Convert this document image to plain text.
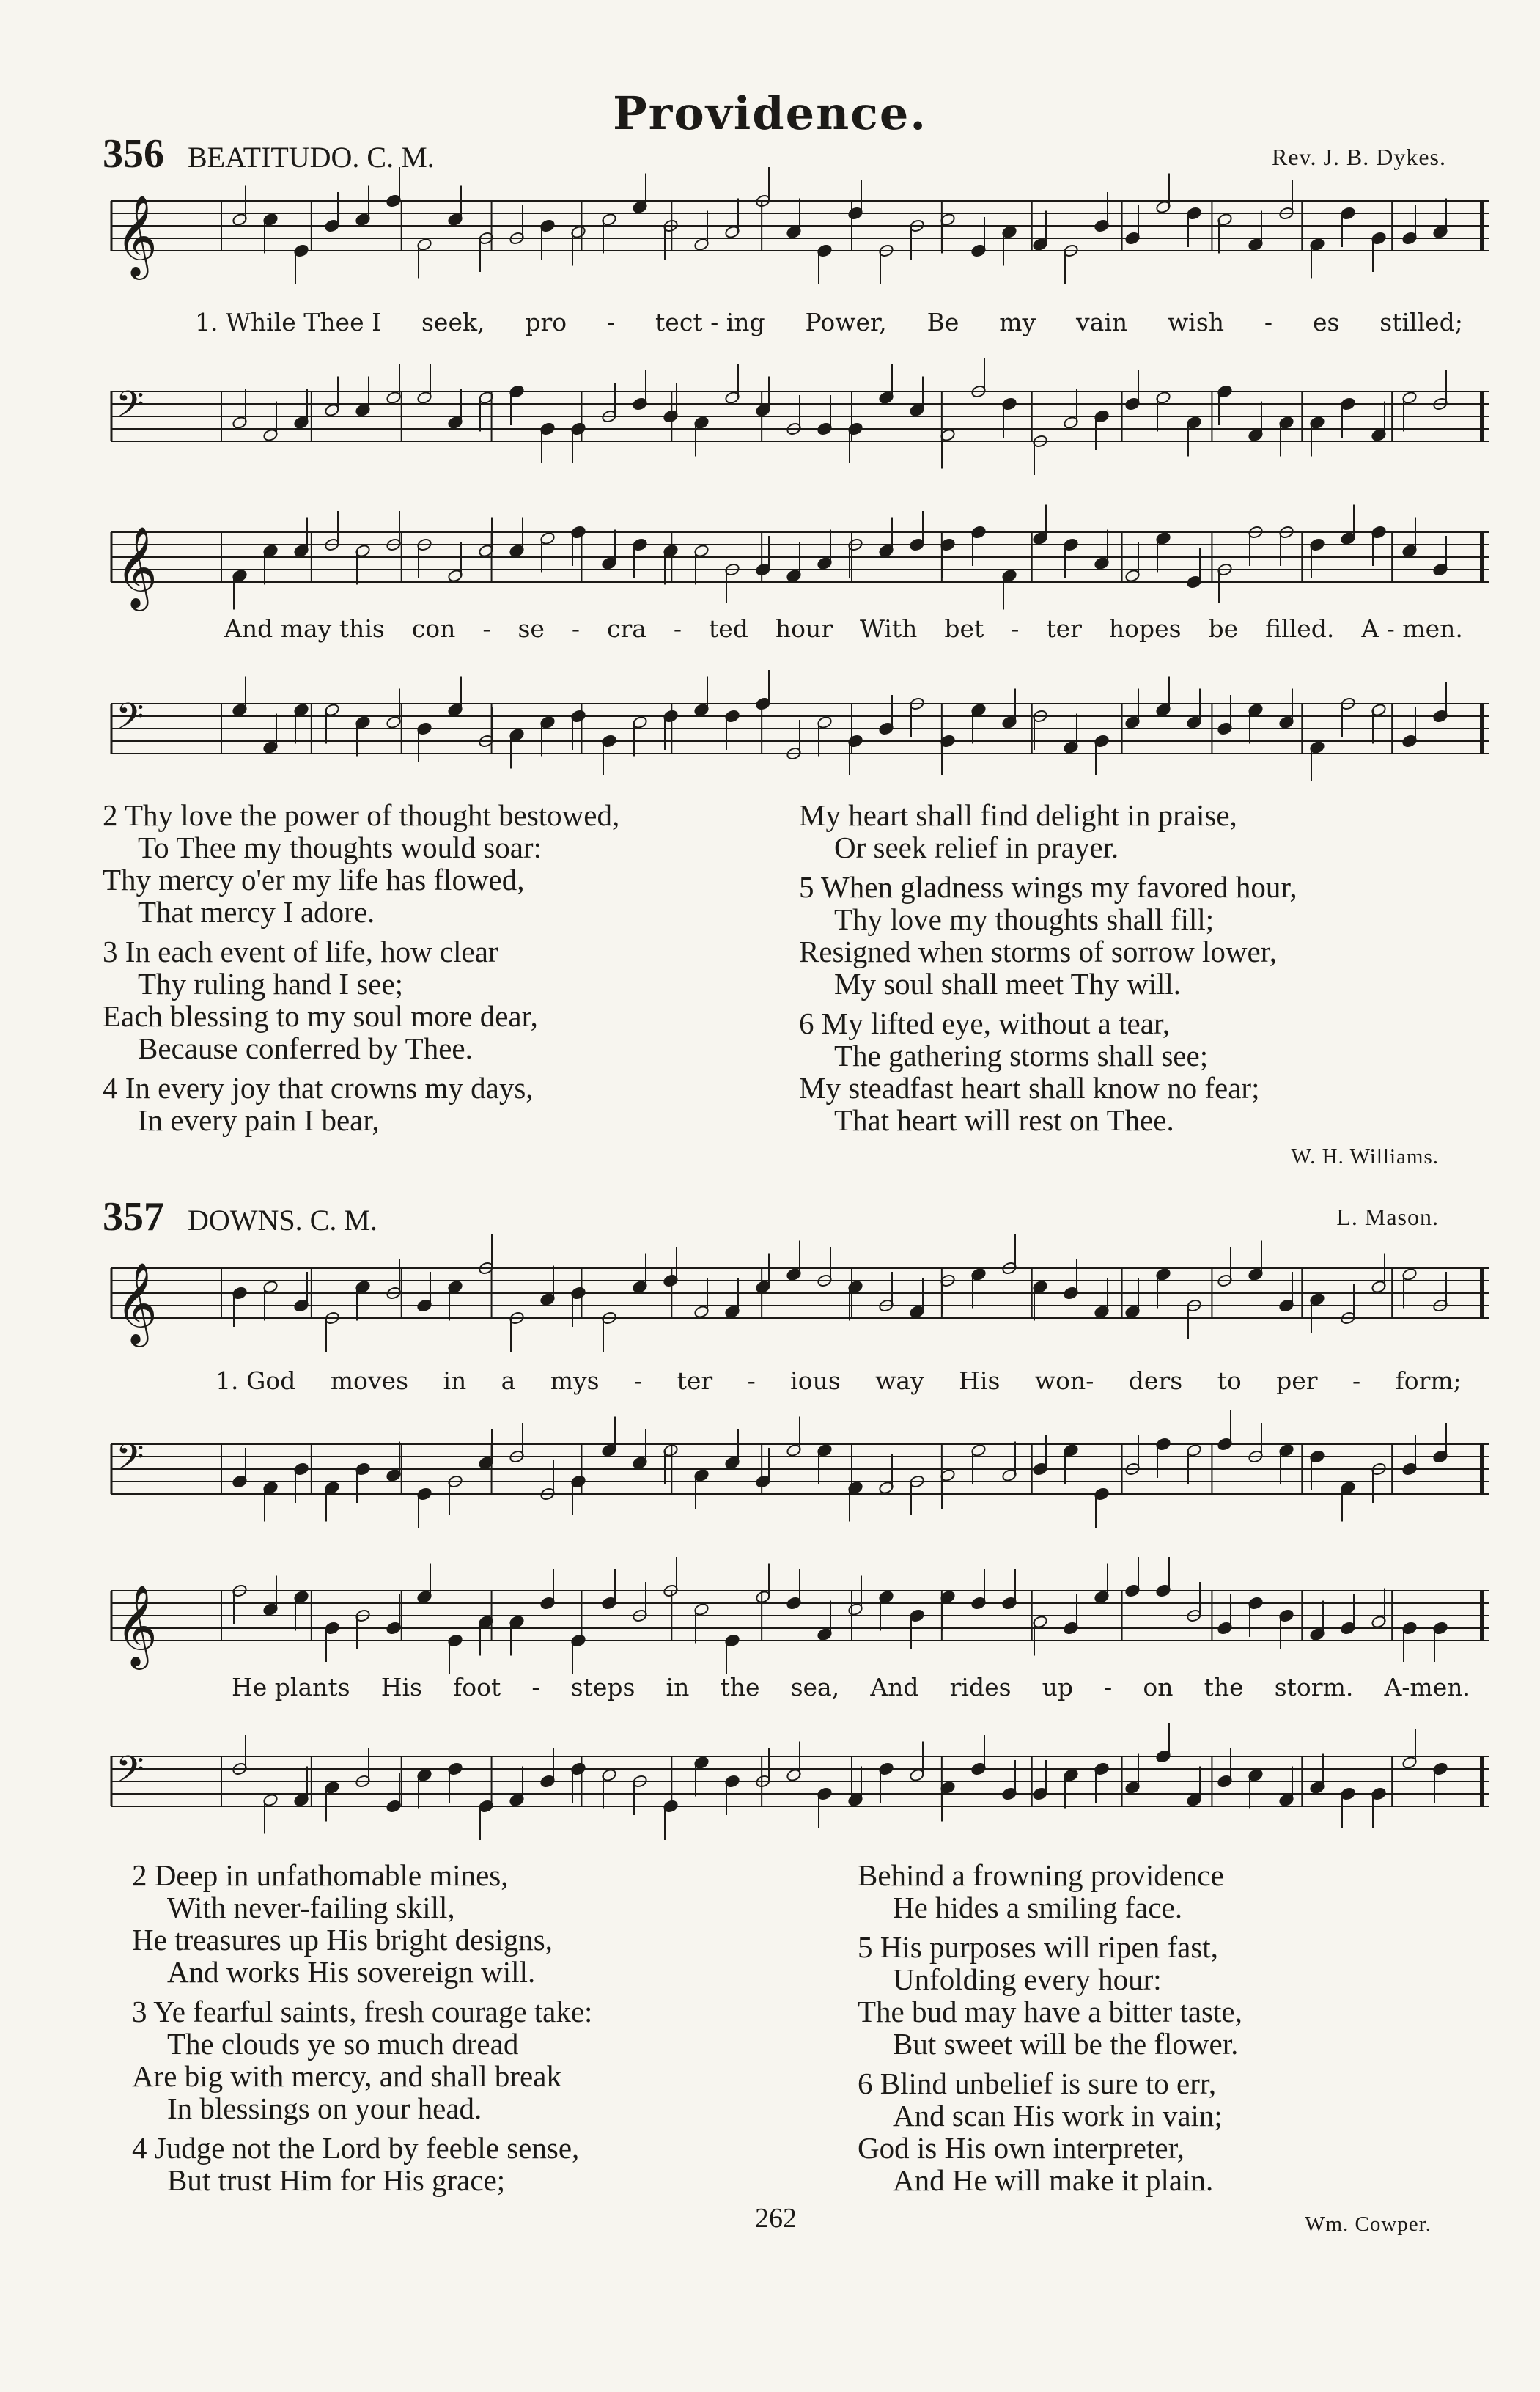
Providence.
356 BEATITUDO. C. M.	Rev. J. B. Dykes.
𝄞
1. While Thee I seek, pro - tect - ing Power, Be my vain wish - es stilled;
𝄢
𝄞
And may this con - se - cra - ted hour With bet - ter hopes be filled. A - men.
𝄢
2 Thy love the power of thought bestowed,
To Thee my thoughts would soar:
Thy mercy o'er my life has flowed,
That mercy I adore.
3 In each event of life, how clear
Thy ruling hand I see;
Each blessing to my soul more dear,
Because conferred by Thee.
4 In every joy that crowns my days,
In every pain I bear,
My heart shall find delight in praise,
Or seek relief in prayer.
5 When gladness wings my favored hour,
Thy love my thoughts shall fill;
Resigned when storms of sorrow lower,
My soul shall meet Thy will.
6 My lifted eye, without a tear,
The gathering storms shall see;
My steadfast heart shall know no fear;
That heart will rest on Thee.
W. H. Williams.
357 DOWNS. C. M.	L. Mason.
𝄞
1. God moves in a mys - ter - ious way His won- ders to per - form;
𝄢
𝄞
He plants His foot - steps in the sea, And rides up - on the storm. A-men.
𝄢
2 Deep in unfathomable mines,
With never-failing skill,
He treasures up His bright designs,
And works His sovereign will.
3 Ye fearful saints, fresh courage take:
The clouds ye so much dread
Are big with mercy, and shall break
In blessings on your head.
4 Judge not the Lord by feeble sense,
But trust Him for His grace;
Behind a frowning providence
He hides a smiling face.
5 His purposes will ripen fast,
Unfolding every hour:
The bud may have a bitter taste,
But sweet will be the flower.
6 Blind unbelief is sure to err,
And scan His work in vain;
God is His own interpreter,
And He will make it plain.
Wm. Cowper.
262
